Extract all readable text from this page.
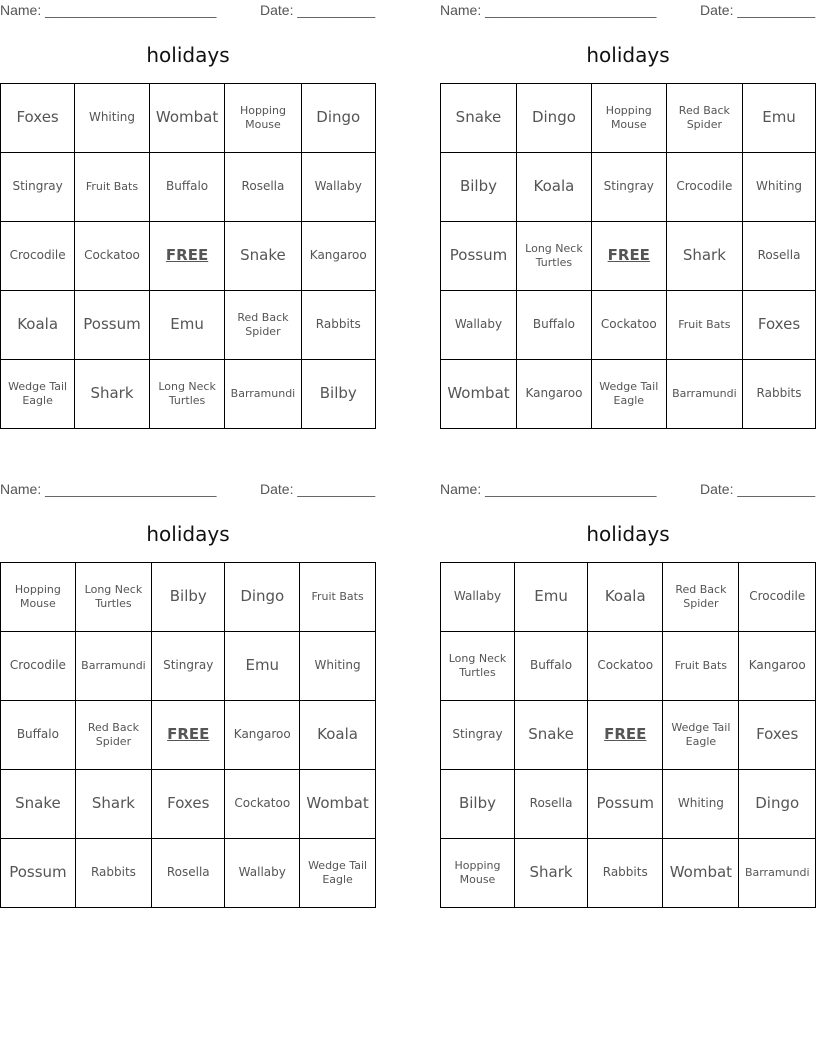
Name: ______________________	Date: __________
holidays
Foxes	Whiting	Wombat	Hopping Mouse	Dingo
Stingray	Fruit Bats	Buffalo	Rosella	Wallaby
Crocodile	Cockatoo	FREE	Snake	Kangaroo
Koala	Possum	Emu	Red Back Spider	Rabbits
Wedge Tail Eagle	Shark	Long Neck Turtles	Barramundi	Bilby
Name: ______________________	Date: __________
holidays
Snake	Dingo	Hopping Mouse	Red Back Spider	Emu
Bilby	Koala	Stingray	Crocodile	Whiting
Possum	Long Neck Turtles	FREE	Shark	Rosella
Wallaby	Buffalo	Cockatoo	Fruit Bats	Foxes
Wombat	Kangaroo	Wedge Tail Eagle	Barramundi	Rabbits
Name: ______________________	Date: __________
holidays
Hopping Mouse	Long Neck Turtles	Bilby	Dingo	Fruit Bats
Crocodile	Barramundi	Stingray	Emu	Whiting
Buffalo	Red Back Spider	FREE	Kangaroo	Koala
Snake	Shark	Foxes	Cockatoo	Wombat
Possum	Rabbits	Rosella	Wallaby	Wedge Tail Eagle
Name: ______________________	Date: __________
holidays
Wallaby	Emu	Koala	Red Back Spider	Crocodile
Long Neck Turtles	Buffalo	Cockatoo	Fruit Bats	Kangaroo
Stingray	Snake	FREE	Wedge Tail Eagle	Foxes
Bilby	Rosella	Possum	Whiting	Dingo
Hopping Mouse	Shark	Rabbits	Wombat	Barramundi
